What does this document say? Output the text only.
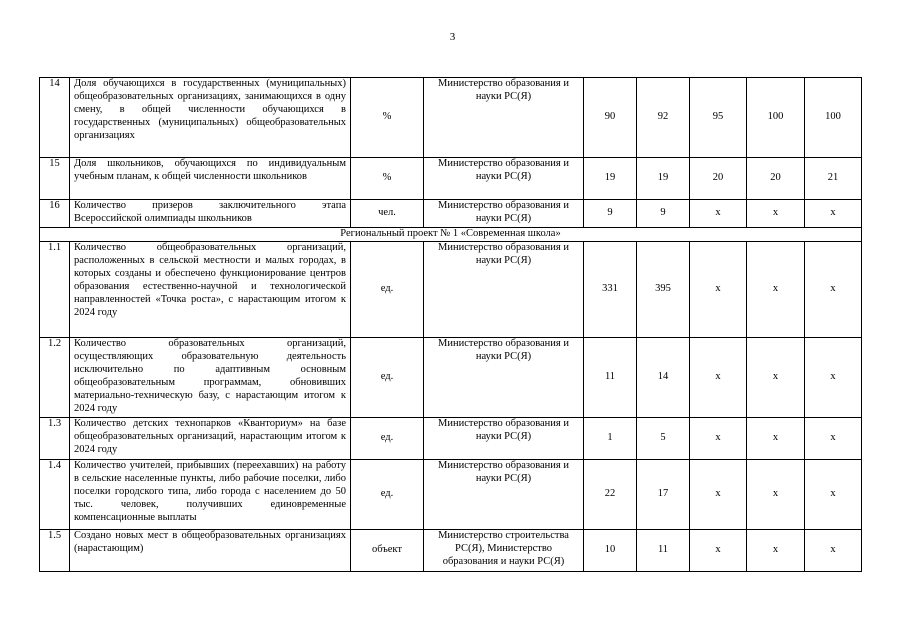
3
14	Доля обучающихся в государственных (муниципальных) общеобразовательных организациях, занимающихся в одну смену, в общей численности обучающихся в государственных (муниципальных) общеобразовательных организациях	%	Министерство образования и науки РС(Я)	90	92	95	100	100
15	Доля школьников, обучающихся по индивидуальным учебным планам, к общей численности школьников	%	Министерство образования и науки РС(Я)	19	19	20	20	21
16	Количество призеров заключительного этапа Всероссийской олимпиады школьников	чел.	Министерство образования и науки РС(Я)	9	9	х	х	х
Региональный проект № 1 «Современная школа»								
1.1	Количество общеобразовательных организаций, расположенных в сельской местности и малых городах, в которых созданы и обеспечено функционирование центров образования естественно-научной и технологической направленностей «Точка роста», с нарастающим итогом к 2024 году	ед.	Министерство образования и науки РС(Я)	331	395	х	х	х
1.2	Количество образовательных организаций, осуществляющих образовательную деятельность исключительно по адаптивным основным общеобразовательным программам, обновивших материально-техническую базу, с нарастающим итогом к 2024 году	ед.	Министерство образования и науки РС(Я)	11	14	х	х	х
1.3	Количество детских технопарков «Кванториум» на базе общеобразовательных организаций, нарастающим итогом к 2024 году	ед.	Министерство образования и науки РС(Я)	1	5	х	х	х
1.4	Количество учителей, прибывших (переехавших) на работу в сельские населенные пункты, либо рабочие поселки, либо поселки городского типа, либо города с населением до 50 тыс. человек, получивших единовременные компенсационные выплаты	ед.	Министерство образования и науки РС(Я)	22	17	х	х	х
1.5	Создано новых мест в общеобразовательных организациях (нарастающим)	объект	Министерство строительства РС(Я), Министерство образования и науки РС(Я)	10	11	х	х	х
